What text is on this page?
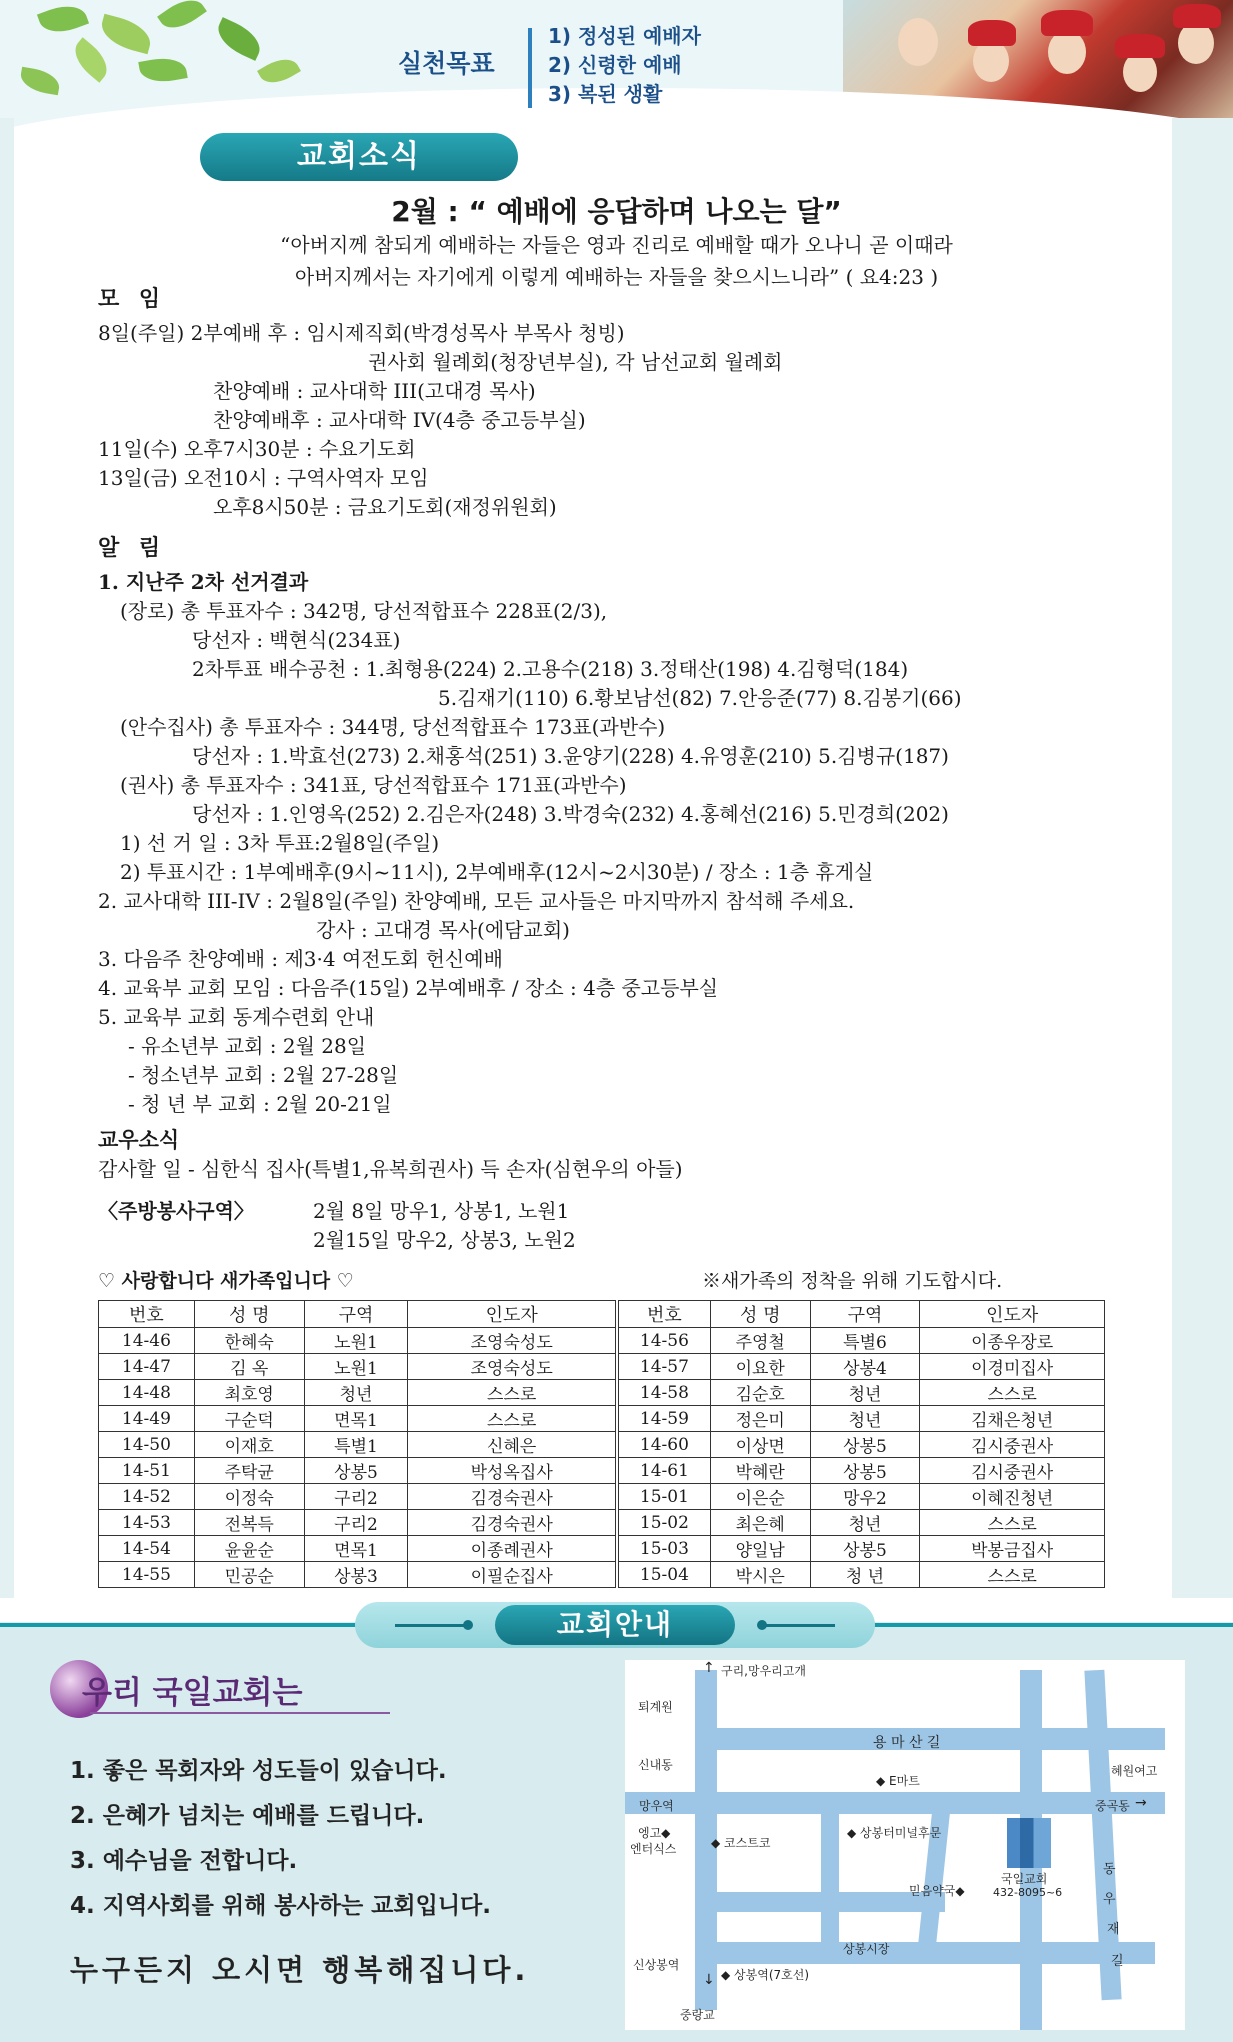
실천목표
1) 정성된 예배자
2) 신령한 예배
3) 복된 생활
교회소식
2월 : “ 예배에 응답하며 나오는 달”
“아버지께 참되게 예배하는 자들은 영과 진리로 예배할 때가 오나니 곧 이때라
아버지께서는 자기에게 이렇게 예배하는 자들을 찾으시느니라” ( 요4:23 )
모 임
8일(주일) 2부예배 후 : 임시제직회(박경성목사 부목사 청빙)
권사회 월례회(청장년부실), 각 남선교회 월례회
찬양예배 : 교사대학 III(고대경 목사)
찬양예배후 : 교사대학 IV(4층 중고등부실)
11일(수) 오후7시30분 : 수요기도회
13일(금) 오전10시 : 구역사역자 모임
오후8시50분 : 금요기도회(재정위원회)
알 림
1. 지난주 2차 선거결과
(장로) 총 투표자수 : 342명, 당선적합표수 228표(2/3),
당선자 : 백현식(234표)
2차투표 배수공천 : 1.최형용(224) 2.고용수(218) 3.정태산(198) 4.김형덕(184)
5.김재기(110) 6.황보남선(82) 7.안응준(77) 8.김봉기(66)
(안수집사) 총 투표자수 : 344명, 당선적합표수 173표(과반수)
당선자 : 1.박효선(273) 2.채홍석(251) 3.윤양기(228) 4.유영훈(210) 5.김병규(187)
(권사) 총 투표자수 : 341표, 당선적합표수 171표(과반수)
당선자 : 1.인영옥(252) 2.김은자(248) 3.박경숙(232) 4.홍혜선(216) 5.민경희(202)
1) 선 거 일 : 3차 투표:2월8일(주일)
2) 투표시간 : 1부예배후(9시~11시), 2부예배후(12시~2시30분) / 장소 : 1층 휴게실
2. 교사대학 III-IV : 2월8일(주일) 찬양예배, 모든 교사들은 마지막까지 참석해 주세요.
강사 : 고대경 목사(에담교회)
3. 다음주 찬양예배 : 제3·4 여전도회 헌신예배
4. 교육부 교회 모임 : 다음주(15일) 2부예배후 / 장소 : 4층 중고등부실
5. 교육부 교회 동계수련회 안내
- 유소년부 교회 : 2월 28일
- 청소년부 교회 : 2월 27-28일
- 청 년 부 교회 : 2월 20-21일
교우소식
감사할 일 - 심한식 집사(특별1,유복희권사) 득 손자(심현우의 아들)
〈주방봉사구역〉	2월 8일 망우1, 상봉1, 노원1
2월15일 망우2, 상봉3, 노원2
♡ 사랑합니다 새가족입니다 ♡	※새가족의 정착을 위해 기도합시다.
번호	성 명	구역	인도자
14-46	한혜숙	노원1	조영숙성도
14-47	김 옥	노원1	조영숙성도
14-48	최호영	청년	스스로
14-49	구순덕	면목1	스스로
14-50	이재호	특별1	신혜은
14-51	주탁균	상봉5	박성옥집사
14-52	이정숙	구리2	김경숙권사
14-53	전복득	구리2	김경숙권사
14-54	윤윤순	면목1	이종례권사
14-55	민공순	상봉3	이필순집사
번호	성 명	구역	인도자
14-56	주영철	특별6	이종우장로
14-57	이요한	상봉4	이경미집사
14-58	김순호	청년	스스로
14-59	정은미	청년	김채은청년
14-60	이상면	상봉5	김시중권사
14-61	박혜란	상봉5	김시중권사
15-01	이은순	망우2	이혜진청년
15-02	최은혜	청년	스스로
15-03	양일남	상봉5	박봉금집사
15-04	박시은	청 년	스스로
교회안내
우리 국일교회는
1. 좋은 목회자와 성도들이 있습니다.
2. 은혜가 넘치는 예배를 드립니다.
3. 예수님을 전합니다.
4. 지역사회를 위해 봉사하는 교회입니다.
누구든지 오시면 행복해집니다.
↑ 구리,망우리고개
퇴계원
용 마 산 길
신내동
◆ E마트
혜원여고
망우역	중곡동 →
엥고◆
엔터식스	◆ 코스트코
◆ 상봉터미널후문
국일교회
432-8095~6
믿음약국◆
동
우
재
길
상봉시장
신상봉역
↓ ◆ 상봉역(7호선)
중랑교
